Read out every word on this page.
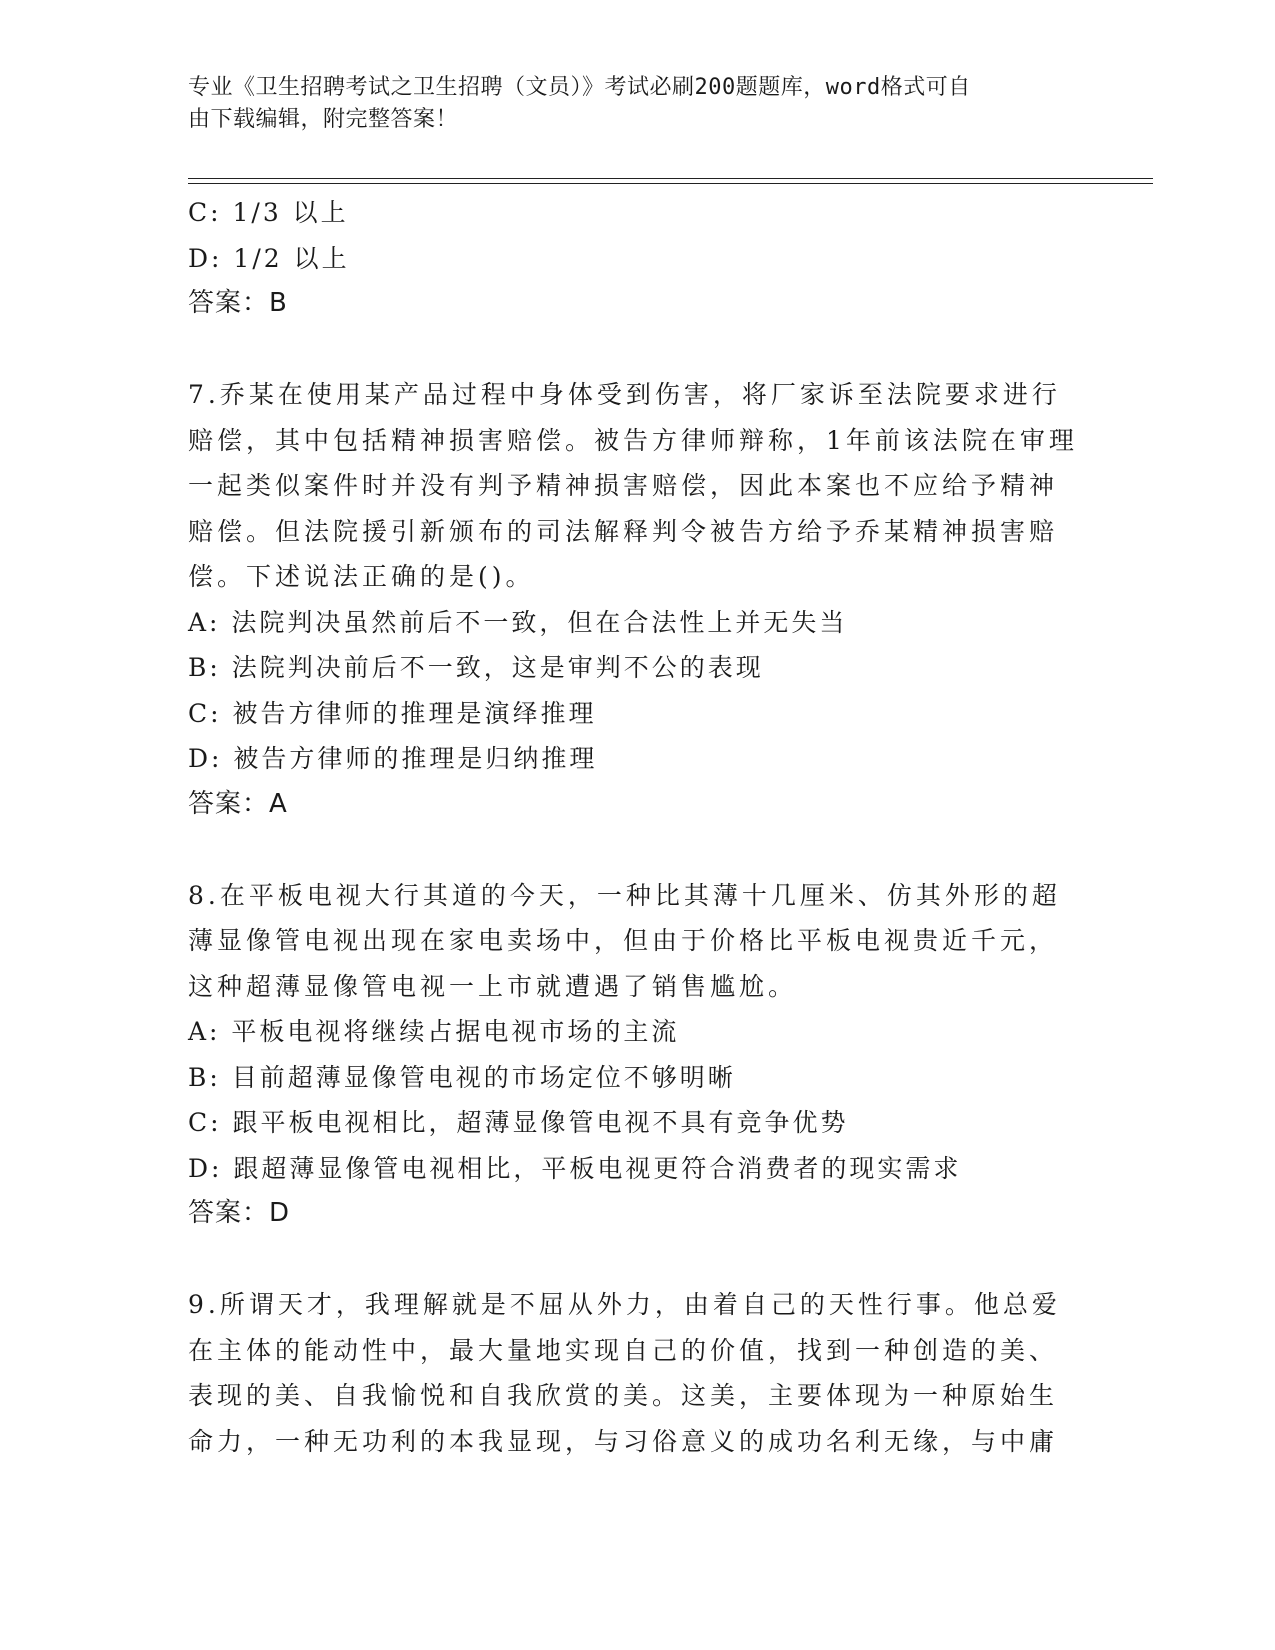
专业《卫生招聘考试之卫生招聘（文员）》考试必刷200题题库，word格式可自
由下载编辑，附完整答案！
C: 1/3 以上
D: 1/2 以上
答案：B
7.乔某在使用某产品过程中身体受到伤害，将厂家诉至法院要求进行
赔偿，其中包括精神损害赔偿。被告方律师辩称，1年前该法院在审理
一起类似案件时并没有判予精神损害赔偿，因此本案也不应给予精神
赔偿。但法院援引新颁布的司法解释判令被告方给予乔某精神损害赔
偿。下述说法正确的是()。
A: 法院判决虽然前后不一致，但在合法性上并无失当
B: 法院判决前后不一致，这是审判不公的表现
C: 被告方律师的推理是演绎推理
D: 被告方律师的推理是归纳推理
答案：A
8.在平板电视大行其道的今天，一种比其薄十几厘米、仿其外形的超
薄显像管电视出现在家电卖场中，但由于价格比平板电视贵近千元，
这种超薄显像管电视一上市就遭遇了销售尴尬。
A: 平板电视将继续占据电视市场的主流
B: 目前超薄显像管电视的市场定位不够明晰
C: 跟平板电视相比，超薄显像管电视不具有竞争优势
D: 跟超薄显像管电视相比，平板电视更符合消费者的现实需求
答案：D
9.所谓天才，我理解就是不屈从外力，由着自己的天性行事。他总爱
在主体的能动性中，最大量地实现自己的价值，找到一种创造的美、
表现的美、自我愉悦和自我欣赏的美。这美，主要体现为一种原始生
命力，一种无功利的本我显现，与习俗意义的成功名利无缘，与中庸
